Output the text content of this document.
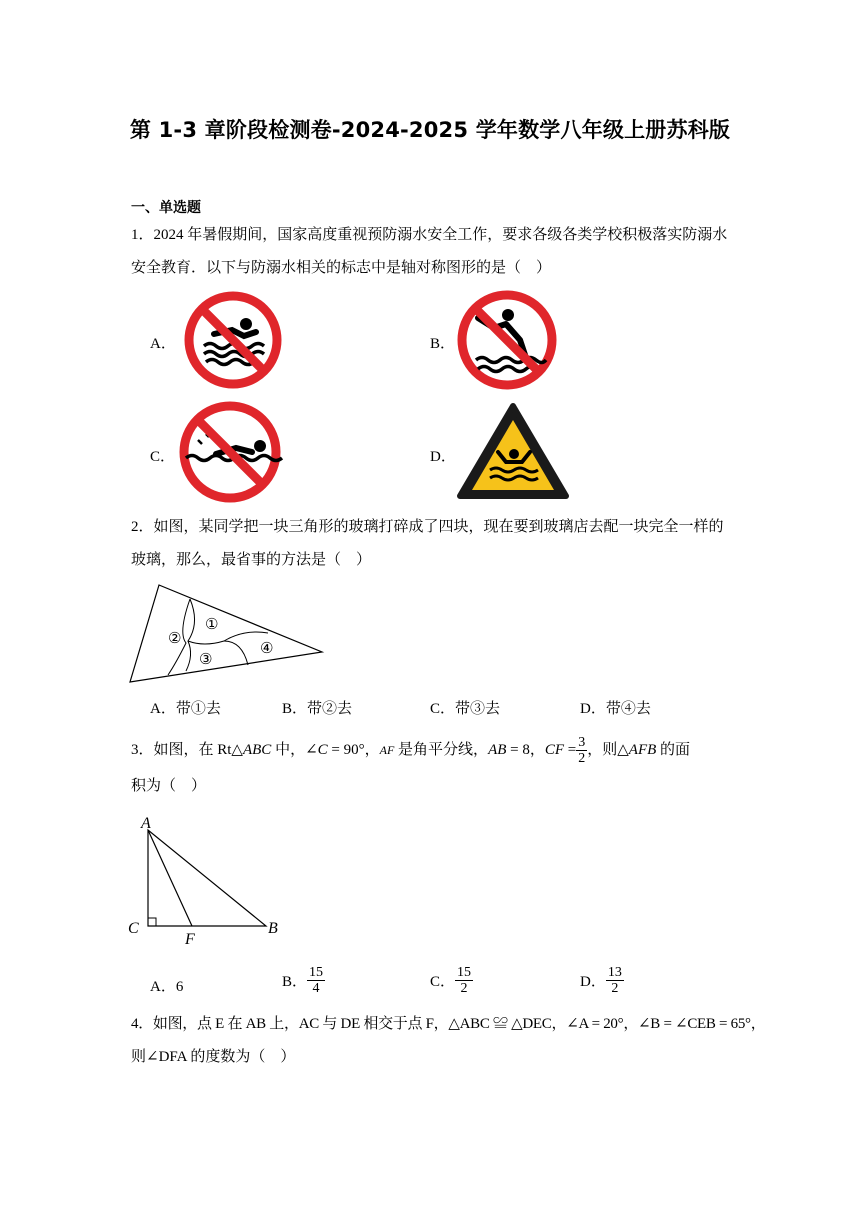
第 1-3 章阶段检测卷-2024-2025 学年数学八年级上册苏科版
一、单选题
1．2024 年暑假期间，国家高度重视预防溺水安全工作，要求各级各类学校积极落实防溺水
安全教育．以下与防溺水相关的标志中是轴对称图形的是（　）
A．	B．
C．	D．
2．如图，某同学把一块三角形的玻璃打碎成了四块，现在要到玻璃店去配一块完全一样的
玻璃，那么，最省事的方法是（　）
②
①
③
④
A．带①去	B．带②去	C．带③去	D．带④去
3．如图，在 Rt△ABC 中，∠C = 90°，AF 是角平分线，AB = 8，CF = $\frac{3}{2}$ ，则△AFB 的面
积为（　）
A
C
F
B
A．6	B． $\frac{15}{4}$	C． $\frac{15}{2}$	D． $\frac{13}{2}$
4．如图，点 E 在 AB 上，AC 与 DE 相交于点 F，△ABC ≌ △DEC，∠A = 20°，∠B = ∠CEB = 65°，
则∠DFA 的度数为（　）
